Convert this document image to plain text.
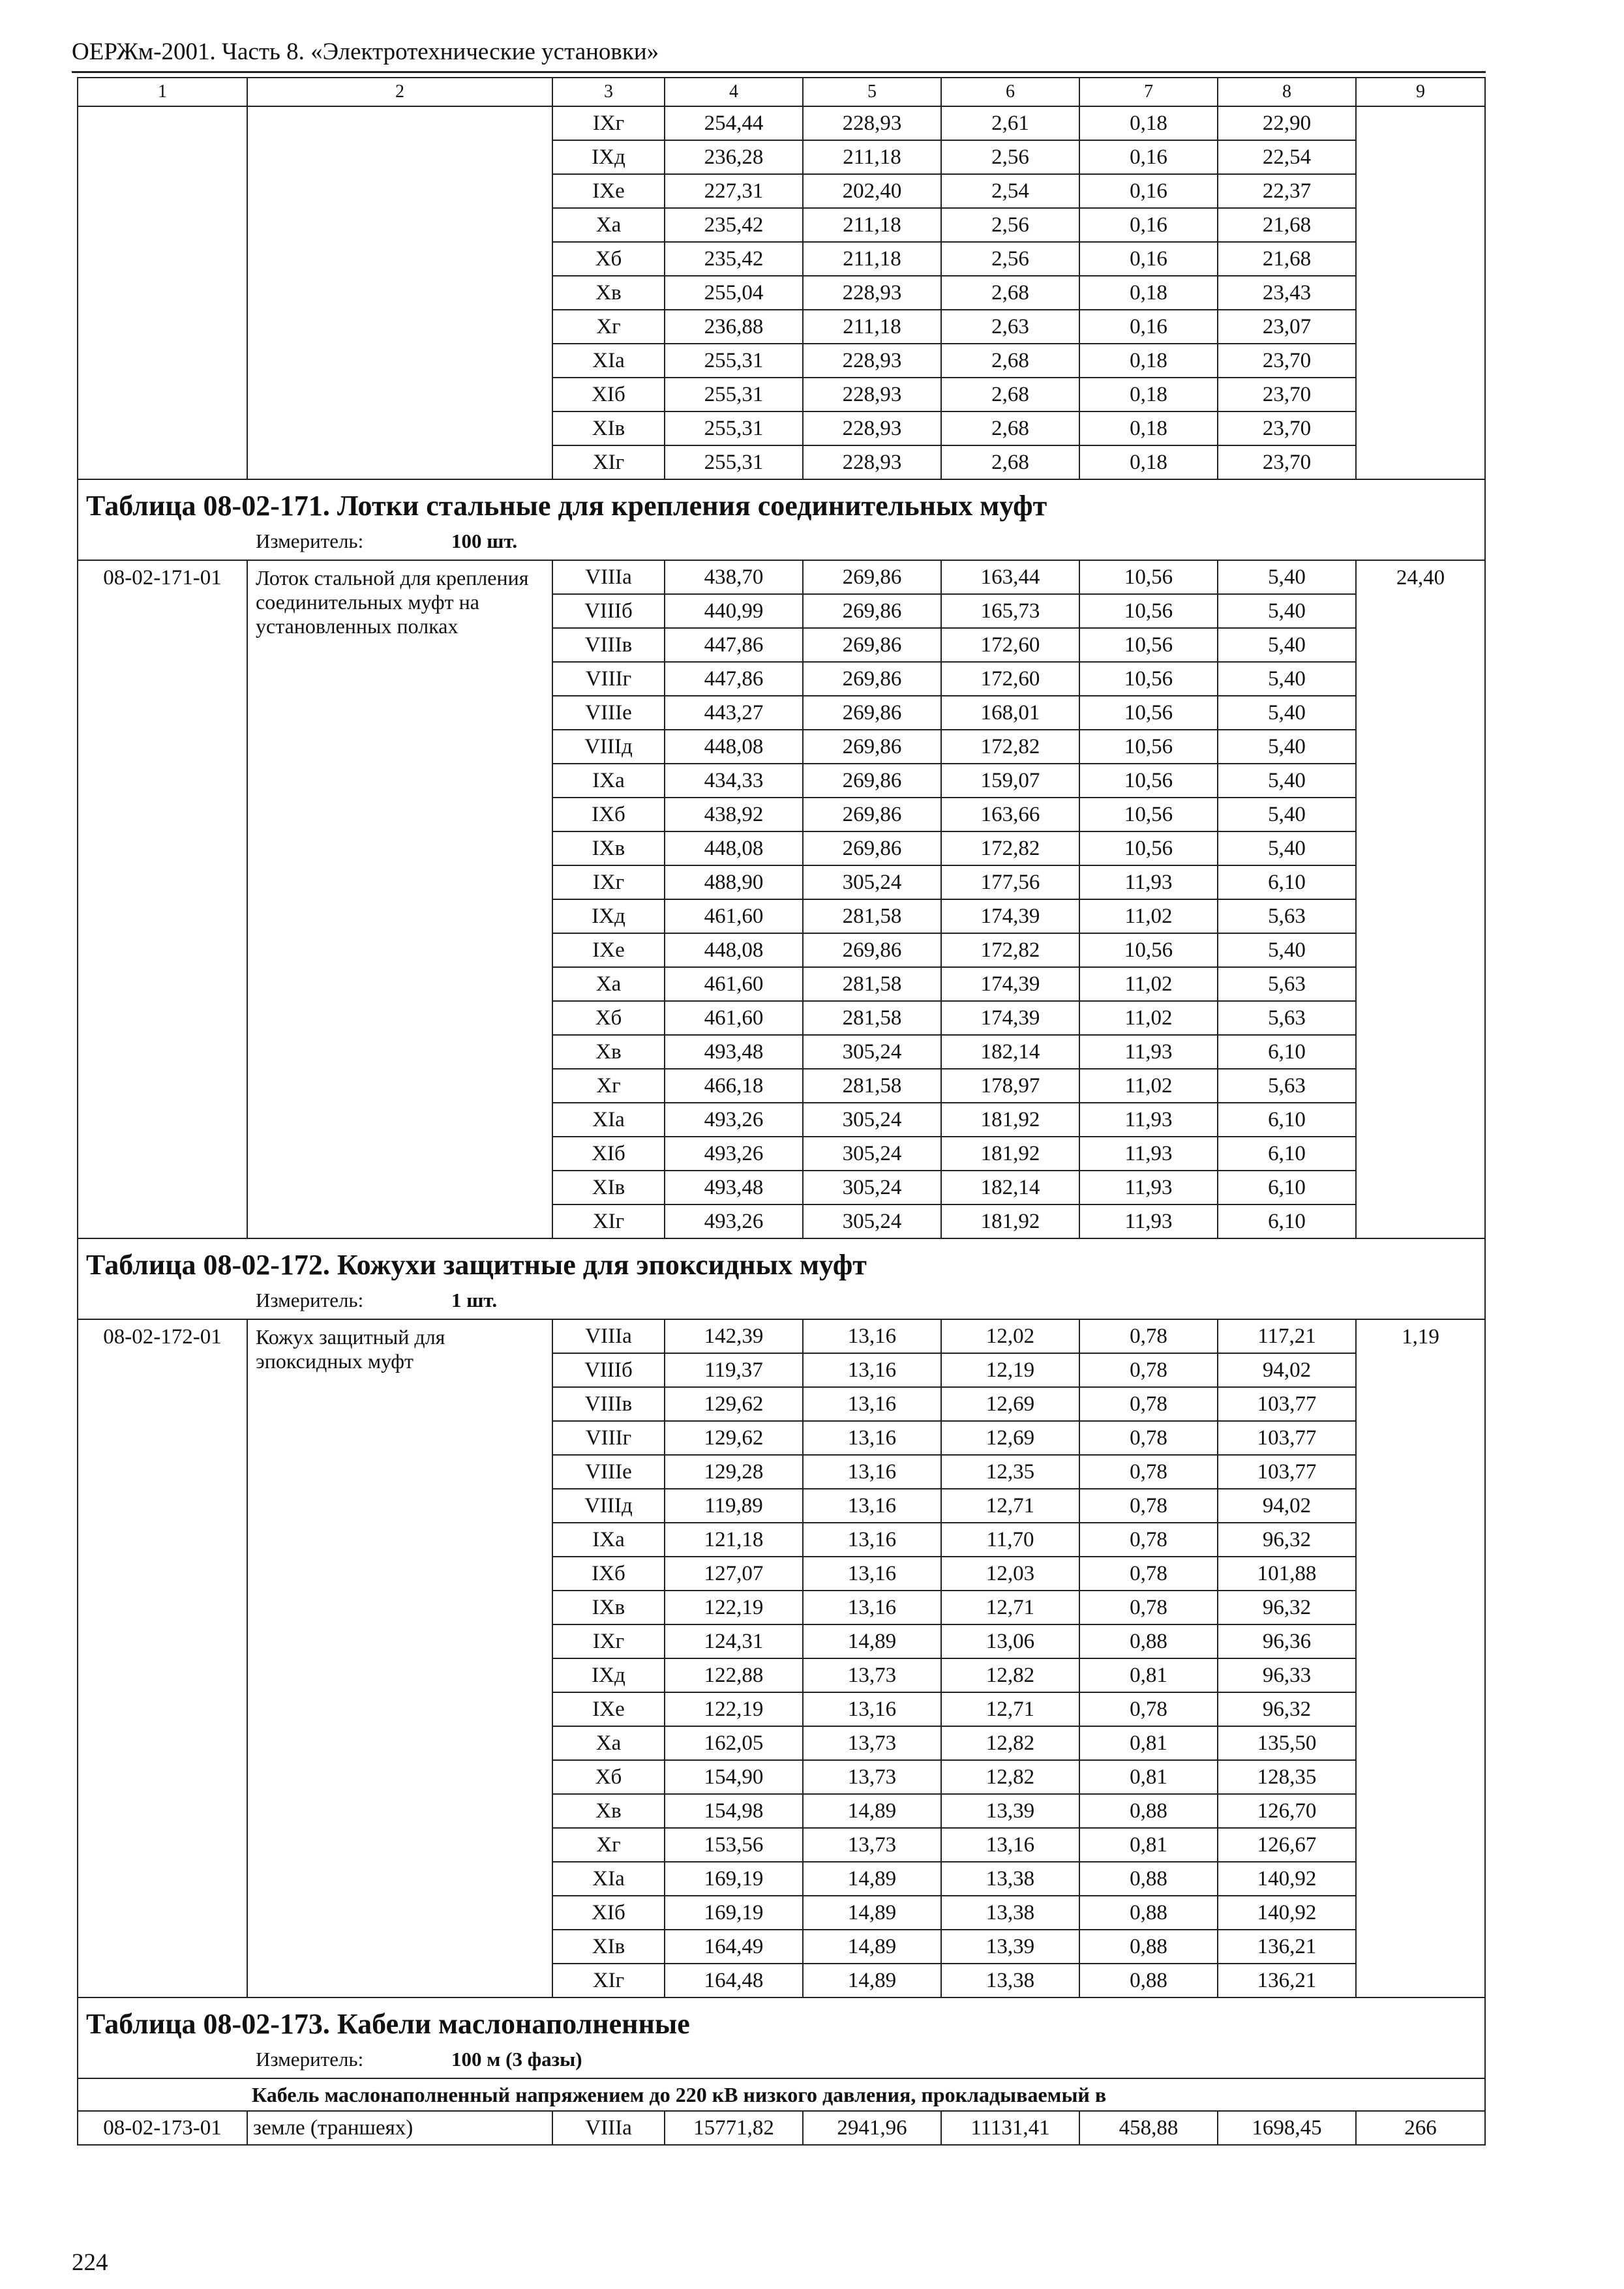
ОЕРЖм-2001. Часть 8. «Электротехнические установки»
1	2	3	4	5	6	7	8	9
		IXг	254,44	228,93	2,61	0,18	22,90	
		IXд	236,28	211,18	2,56	0,16	22,54	
		IXе	227,31	202,40	2,54	0,16	22,37	
		Xa	235,42	211,18	2,56	0,16	21,68	
		Xб	235,42	211,18	2,56	0,16	21,68	
		Xв	255,04	228,93	2,68	0,18	23,43	
		Xг	236,88	211,18	2,63	0,16	23,07	
		XIa	255,31	228,93	2,68	0,18	23,70	
		XIб	255,31	228,93	2,68	0,18	23,70	
		XIв	255,31	228,93	2,68	0,18	23,70	
		XIг	255,31	228,93	2,68	0,18	23,70	
Таблица 08-02-171. Лотки стальные для крепления соединительных муфт								
Измеритель: 100 шт.								
08-02-171-01	Лоток стальной для крепления соединительных муфт на установленных полках	VIIIa	438,70	269,86	163,44	10,56	5,40	24,40
		VIIIб	440,99	269,86	165,73	10,56	5,40	
		VIIIв	447,86	269,86	172,60	10,56	5,40	
		VIIIг	447,86	269,86	172,60	10,56	5,40	
		VIIIe	443,27	269,86	168,01	10,56	5,40	
		VIIIд	448,08	269,86	172,82	10,56	5,40	
		IXa	434,33	269,86	159,07	10,56	5,40	
		IXб	438,92	269,86	163,66	10,56	5,40	
		IXв	448,08	269,86	172,82	10,56	5,40	
		IXг	488,90	305,24	177,56	11,93	6,10	
		IXд	461,60	281,58	174,39	11,02	5,63	
		IXe	448,08	269,86	172,82	10,56	5,40	
		Xa	461,60	281,58	174,39	11,02	5,63	
		Xб	461,60	281,58	174,39	11,02	5,63	
		Xв	493,48	305,24	182,14	11,93	6,10	
		Xг	466,18	281,58	178,97	11,02	5,63	
		XIa	493,26	305,24	181,92	11,93	6,10	
		XIб	493,26	305,24	181,92	11,93	6,10	
		XIв	493,48	305,24	182,14	11,93	6,10	
		XIг	493,26	305,24	181,92	11,93	6,10	
Таблица 08-02-172. Кожухи защитные для эпоксидных муфт								
Измеритель: 1 шт.								
08-02-172-01	Кожух защитный для эпоксидных муфт	VIIIa	142,39	13,16	12,02	0,78	117,21	1,19
		VIIIб	119,37	13,16	12,19	0,78	94,02	
		VIIIв	129,62	13,16	12,69	0,78	103,77	
		VIIIг	129,62	13,16	12,69	0,78	103,77	
		VIIIe	129,28	13,16	12,35	0,78	103,77	
		VIIIд	119,89	13,16	12,71	0,78	94,02	
		IXa	121,18	13,16	11,70	0,78	96,32	
		IXб	127,07	13,16	12,03	0,78	101,88	
		IXв	122,19	13,16	12,71	0,78	96,32	
		IXг	124,31	14,89	13,06	0,88	96,36	
		IXд	122,88	13,73	12,82	0,81	96,33	
		IXe	122,19	13,16	12,71	0,78	96,32	
		Xa	162,05	13,73	12,82	0,81	135,50	
		Xб	154,90	13,73	12,82	0,81	128,35	
		Xв	154,98	14,89	13,39	0,88	126,70	
		Xг	153,56	13,73	13,16	0,81	126,67	
		XIa	169,19	14,89	13,38	0,88	140,92	
		XIб	169,19	14,89	13,38	0,88	140,92	
		XIв	164,49	14,89	13,39	0,88	136,21	
		XIг	164,48	14,89	13,38	0,88	136,21	
Таблица 08-02-173. Кабели маслонаполненные								
Измеритель: 100 м (3 фазы)								
Кабель маслонаполненный напряжением до 220 кВ низкого давления, прокладываемый в								
08-02-173-01	земле (траншеях)	VIIIa	15771,82	2941,96	11131,41	458,88	1698,45	266
224
